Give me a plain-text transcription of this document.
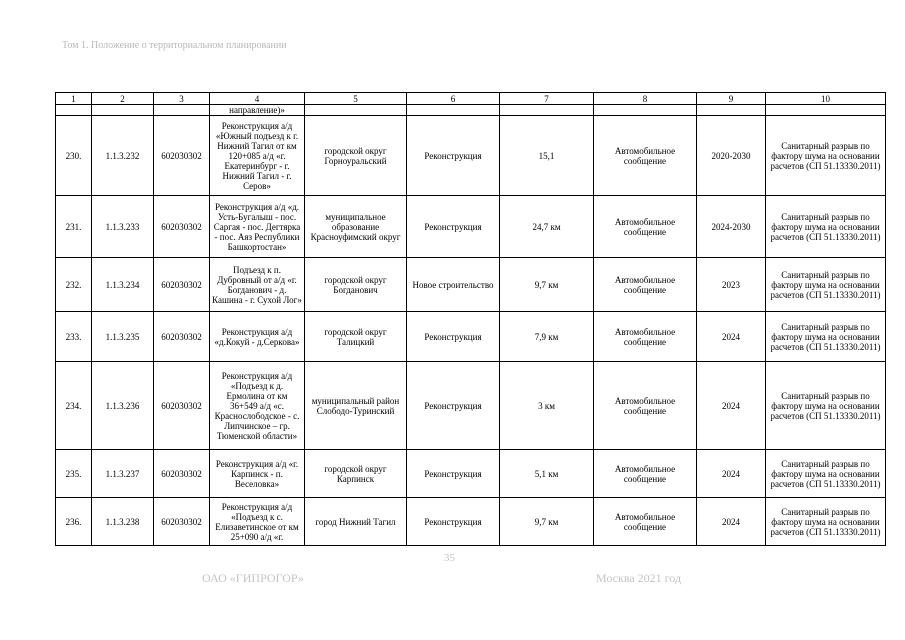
Том 1. Положение о территориальном планировании
1	2	3	4	5	6	7	8	9	10
			направление)»						
230.	1.1.3.232	602030302	Реконструкция а/д «Южный подъезд к г. Нижний Тагил от км 120+085 а/д «г. Екатеринбург - г. Нижний Тагил - г. Серов»	городской округ Горноуральский	Реконструкция	15,1	Автомобильное сообщение	2020-2030	Санитарный разрыв по фактору шума на основании расчетов (СП 51.13330.2011)
231.	1.1.3.233	602030302	Реконструкция а/д «д. Усть-Бугалыш - пос. Саргая - пос. Дегтярка - пос. Аяз Республики Башкортостан»	муниципальное образование Красноуфимский округ	Реконструкция	24,7 км	Автомобильное сообщение	2024-2030	Санитарный разрыв по фактору шума на основании расчетов (СП 51.13330.2011)
232.	1.1.3.234	602030302	Подъезд к п. Дубровный от а/д «г. Богданович - д. Кашина - г. Сухой Лог»	городской округ Богданович	Новое строительство	9,7 км	Автомобильное сообщение	2023	Санитарный разрыв по фактору шума на основании расчетов (СП 51.13330.2011)
233.	1.1.3.235	602030302	Реконструкция а/д «д.Кокуй - д.Серкова»	городской округ Талицкий	Реконструкция	7,9 км	Автомобильное сообщение	2024	Санитарный разрыв по фактору шума на основании расчетов (СП 51.13330.2011)
234.	1.1.3.236	602030302	Реконструкция а/д «Подъезд к д. Ермолина от км 36+549 а/д «с. Краснослободское - с. Липчинское – гр. Тюменской области»	муниципальный район Слободо-Туринский	Реконструкция	3 км	Автомобильное сообщение	2024	Санитарный разрыв по фактору шума на основании расчетов (СП 51.13330.2011)
235.	1.1.3.237	602030302	Реконструкция а/д «г. Карпинск - п. Веселовка»	городской округ Карпинск	Реконструкция	5,1 км	Автомобильное сообщение	2024	Санитарный разрыв по фактору шума на основании расчетов (СП 51.13330.2011)
236.	1.1.3.238	602030302	Реконструкция а/д «Подъезд к с. Елизаветинское от км 25+090 а/д «г.	город Нижний Тагил	Реконструкция	9,7 км	Автомобильное сообщение	2024	Санитарный разрыв по фактору шума на основании расчетов (СП 51.13330.2011)
35
ОАО «ГИПРОГОР»	Москва 2021 год
